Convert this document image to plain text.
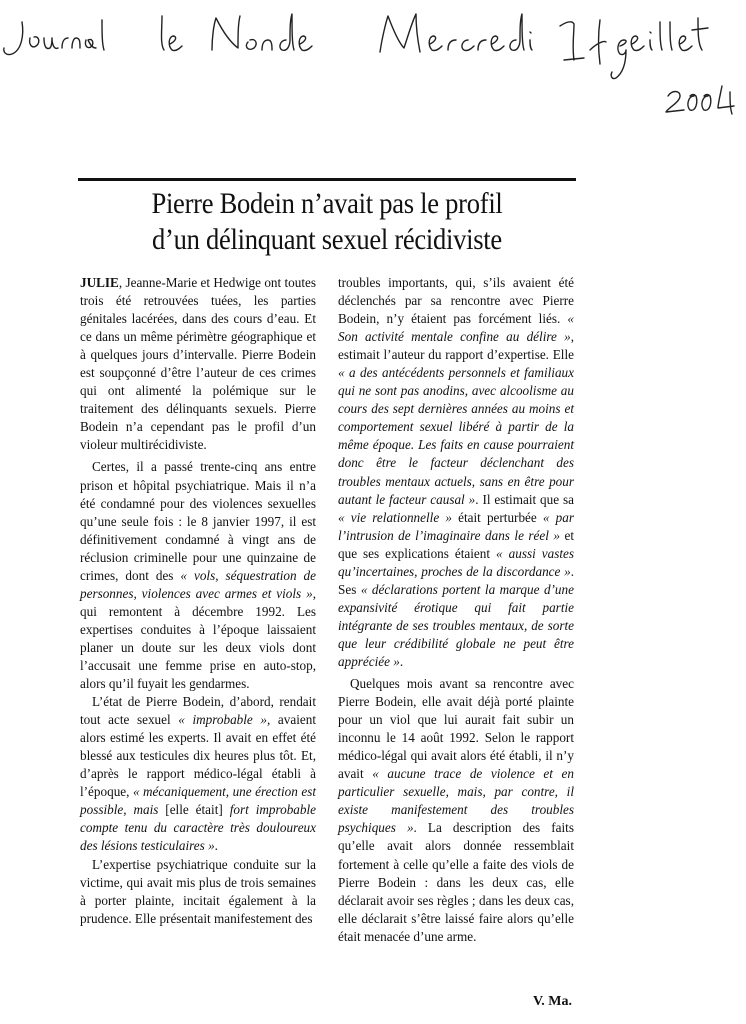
Pierre Bodein n’avait pas le profil
d’un délinquant sexuel récidiviste

JULIE, Jeanne-Marie et Hedwige ont toutes trois été retrouvées tuées, les parties génitales lacérées, dans des cours d’eau. Et ce dans un même périmètre géographique et à quelques jours d’intervalle. Pierre Bodein est soupçonné d’être l’auteur de ces crimes qui ont alimenté la polémique sur le traitement des délinquants sexuels. Pierre Bodein n’a cependant pas le profil d’un violeur multirécidiviste.

Certes, il a passé trente-cinq ans entre prison et hôpital psychiatrique. Mais il n’a été condamné pour des violences sexuelles qu’une seule fois : le 8 janvier 1997, il est définitivement condamné à vingt ans de réclusion criminelle pour une quinzaine de crimes, dont des « vols, séquestration de personnes, violences avec armes et viols », qui remontent à décembre 1992. Les expertises conduites à l’époque laissaient planer un doute sur les deux viols dont l’accusait une femme prise en auto-stop, alors qu’il fuyait les gendarmes.

L’état de Pierre Bodein, d’abord, rendait tout acte sexuel « improbable », avaient alors estimé les experts. Il avait en effet été blessé aux testicules dix heures plus tôt. Et, d’après le rapport médico-légal établi à l’époque, « mécaniquement, une érection est possible, mais [elle était] fort improbable compte tenu du caractère très douloureux des lésions testiculaires ».

L’expertise psychiatrique conduite sur la victime, qui avait mis plus de trois semaines à porter plainte, incitait également à la prudence. Elle présentait manifestement des

troubles importants, qui, s’ils avaient été déclenchés par sa rencontre avec Pierre Bodein, n’y étaient pas forcément liés. « Son activité mentale confine au délire », estimait l’auteur du rapport d’expertise. Elle « a des antécédents personnels et familiaux qui ne sont pas anodins, avec alcoolisme au cours des sept dernières années au moins et comportement sexuel libéré à partir de la même époque. Les faits en cause pourraient donc être le facteur déclenchant des troubles mentaux actuels, sans en être pour autant le facteur causal ». Il estimait que sa « vie relationnelle » était perturbée « par l’intrusion de l’imaginaire dans le réel » et que ses explications étaient « aussi vastes qu’incertaines, proches de la discordance ». Ses « déclarations portent la marque d’une expansivité érotique qui fait partie intégrante de ses troubles mentaux, de sorte que leur crédibilité globale ne peut être appréciée ».

Quelques mois avant sa rencontre avec Pierre Bodein, elle avait déjà porté plainte pour un viol que lui aurait fait subir un inconnu le 14 août 1992. Selon le rapport médico-légal qui avait alors été établi, il n’y avait « aucune trace de violence et en particulier sexuelle, mais, par contre, il existe manifestement des troubles psychiques ». La description des faits qu’elle avait alors donnée ressemblait fortement à celle qu’elle a faite des viols de Pierre Bodein : dans les deux cas, elle déclarait avoir ses règles ; dans les deux cas, elle déclarait s’être laissé faire alors qu’elle était menacée d’une arme.

V. Ma.
